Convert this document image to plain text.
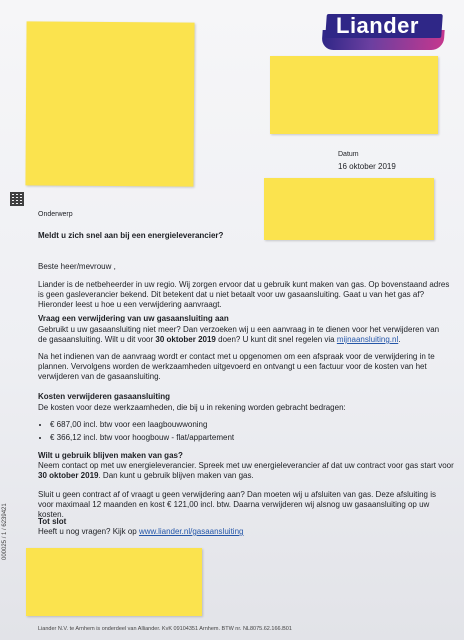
Liander
Datum
16 oktober 2019
Onderwerp
Meldt u zich snel aan bij een energieleverancier?
Beste heer/mevrouw ,
Liander is de netbeheerder in uw regio. Wij zorgen ervoor dat u gebruik kunt maken van gas. Op bovenstaand adres is geen gasleverancier bekend. Dit betekent dat u niet betaalt voor uw gasaansluiting. Gaat u van het gas af? Hieronder leest u hoe u een verwijdering aanvraagt.
Vraag een verwijdering van uw gasaansluiting aan
Gebruikt u uw gasaansluiting niet meer? Dan verzoeken wij u een aanvraag in te dienen voor het verwijderen van de gasaansluiting. Wilt u dit voor 30 oktober 2019 doen? U kunt dit snel regelen via mijnaansluiting.nl.
Na het indienen van de aanvraag wordt er contact met u opgenomen om een afspraak voor de verwijdering in te plannen. Vervolgens worden de werkzaamheden uitgevoerd en ontvangt u een factuur voor de kosten van het verwijderen van de gasaansluiting.
Kosten verwijderen gasaansluiting
De kosten voor deze werkzaamheden, die bij u in rekening worden gebracht bedragen:
• € 687,00 incl. btw voor een laagbouwwoning
• € 366,12 incl. btw voor hoogbouw - flat/appartement
Wilt u gebruik blijven maken van gas?
Neem contact op met uw energieleverancier. Spreek met uw energieleverancier af dat uw contract voor gas start voor 30 oktober 2019. Dan kunt u gebruik blijven maken van gas.
Sluit u geen contract af of vraagt u geen verwijdering aan? Dan moeten wij u afsluiten van gas. Deze afsluiting is voor maximaal 12 maanden en kost € 121,00 incl. btw. Daarna verwijderen wij alsnog uw gasaansluiting op uw kosten.
Tot slot
Heeft u nog vragen? Kijk op www.liander.nl/gasaansluiting
000025 / 1 / 6239421
Liander N.V. te Arnhem is onderdeel van Alliander. KvK 09104351 Arnhem. BTW nr. NL8075.62.166.B01
